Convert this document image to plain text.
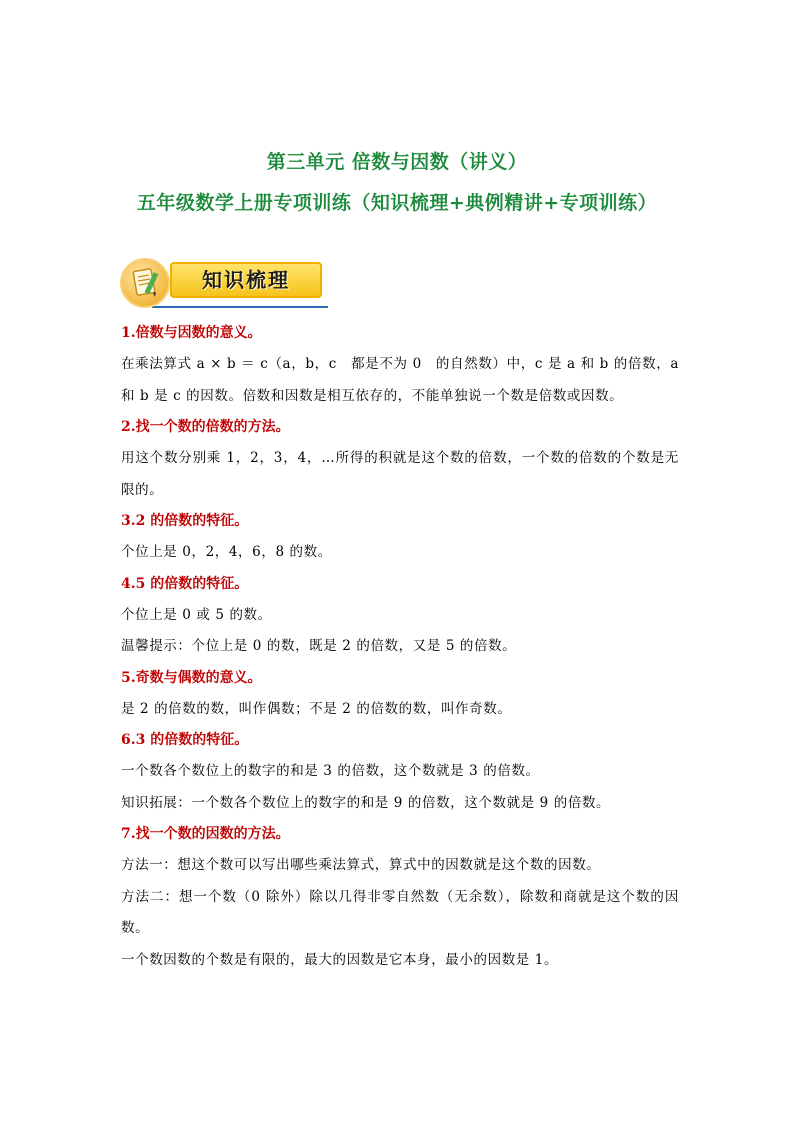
第三单元 倍数与因数（讲义）
五年级数学上册专项训练（知识梳理+典例精讲+专项训练）
知识梳理

1.倍数与因数的意义。

在乘法算式 a × b ＝ c（a，b，c　都是不为 0　的自然数）中，c 是 a 和 b 的倍数，a 和 b 是 c 的因数。倍数和因数是相互依存的，不能单独说一个数是倍数或因数。

2.找一个数的倍数的方法。

用这个数分别乘 1，2，3，4，…所得的积就是这个数的倍数，一个数的倍数的个数是无限的。

3.2 的倍数的特征。

个位上是 0，2，4，6，8 的数。

4.5 的倍数的特征。

个位上是 0 或 5 的数。

温馨提示：个位上是 0 的数，既是 2 的倍数，又是 5 的倍数。

5.奇数与偶数的意义。

是 2 的倍数的数，叫作偶数；不是 2 的倍数的数，叫作奇数。

6.3 的倍数的特征。

一个数各个数位上的数字的和是 3 的倍数，这个数就是 3 的倍数。

知识拓展：一个数各个数位上的数字的和是 9 的倍数，这个数就是 9 的倍数。

7.找一个数的因数的方法。

方法一：想这个数可以写出哪些乘法算式，算式中的因数就是这个数的因数。

方法二：想一个数（0 除外）除以几得非零自然数（无余数），除数和商就是这个数的因数。

一个数因数的个数是有限的，最大的因数是它本身，最小的因数是 1。
